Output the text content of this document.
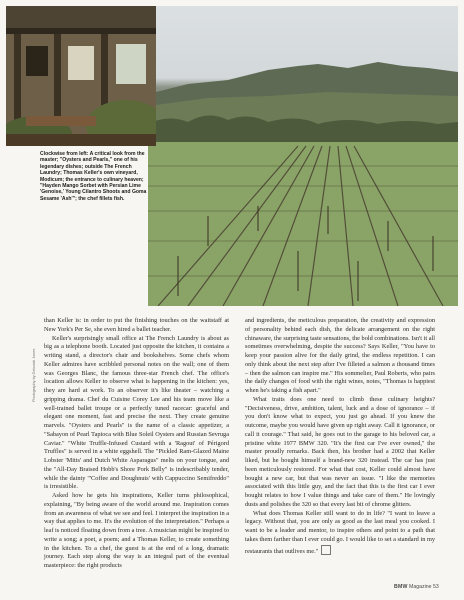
Clockwise from left: A critical look from the master; "Oysters and Pearls," one of his legendary dishes; outside The French Laundry; Thomas Keller's own vineyard, Modicum; the entrance to culinary heaven; "Hayden Mango Sorbet with Persian Lime 'Genoise,' Young Cilantro Shoots and Goma Sesame 'Ash'"; the chef fillets fish.
Photography by Deborah Jones

than Keller is: in order to put the finishing touches on the waitstaff at New York's Per Se, she even hired a ballet teacher.

Keller's surprisingly small office at The French Laundry is about as big as a telephone booth. Located just opposite the kitchen, it contains a writing stand, a director's chair and bookshelves. Some chefs whom Keller admires have scribbled personal notes on the wall; one of them was Georges Blanc, the famous three-star French chef. The office's location allows Keller to observe what is happening in the kitchen: yes, they are hard at work. To an observer it's like theater – watching a gripping drama. Chef du Cuisine Corey Lee and his team move like a well-trained ballet troupe or a perfectly tuned racecar: graceful and elegant one moment, fast and precise the next. They create genuine marvels. "Oysters and Pearls" is the name of a classic appetizer, a "Sabayon of Pearl Tapioca with Blue Soleil Oysters and Russian Sevruga Caviar." "White Truffle-Infused Custard with a 'Ragout' of Périgord Truffles" is served in a white eggshell. The "Pickled Ram-Glazed Maine Lobster 'Mitts' and Dutch White Asparagus" melts on your tongue, and the "All-Day Braised Hobb's Shore Pork Belly" is indescribably tender, while the dainty "'Coffee and Doughnuts' with Cappuccino Semifreddo" is irresistible.

Asked how he gets his inspirations, Keller turns philosophical, explaining, "By being aware of the world around me. Inspiration comes from an awareness of what we see and feel. I interpret the inspiration in a way that applies to me. It's the evolution of the interpretation." Perhaps a leaf is noticed floating down from a tree. A musician might be inspired to write a song; a poet, a poem; and a Thomas Keller, to create something in the kitchen. To a chef, the guest is at the end of a long, dramatic journey. Each step along the way is an integral part of the eventual masterpiece: the right products

and ingredients, the meticulous preparation, the creativity and expression of personality behind each dish, the delicate arrangement on the right chinaware, the surprising taste sensations, the bold combinations. Isn't it all sometimes overwhelming, despite the success? Says Keller, "You have to keep your passion alive for the daily grind, the endless repetition. I can only think about the next step after I've filleted a salmon a thousand times – then the salmon can inspire me." His sommelier, Paul Roberts, who pairs the daily changes of food with the right wines, notes, "Thomas is happiest when he's taking a fish apart."

What traits does one need to climb these culinary heights? "Decisiveness, drive, ambition, talent, luck and a dose of ignorance – if you don't know what to expect, you just go ahead. If you knew the outcome, maybe you would have given up right away. Call it ignorance, or call it courage." That said, he goes out to the garage to his beloved car, a pristine white 1977 BMW 320. "It's the first car I've ever owned," the master proudly remarks. Back then, his brother had a 2002 that Keller liked, but he bought himself a brand-new 320 instead. The car has just been meticulously restored. For what that cost, Keller could almost have bought a new car, but that was never an issue. "I like the memories associated with this little guy, and the fact that this is the first car I ever bought relates to how I value things and take care of them." He lovingly dusts and polishes the 320 so that every last bit of chrome glitters.

What does Thomas Keller still want to do in life? "I want to leave a legacy. Without that, you are only as good as the last meal you cooked. I want to be a leader and mentor, to inspire others and point to a path that takes them farther than I ever could go. I would like to set a standard in my restaurants that outlives me."

BMW Magazine 53
